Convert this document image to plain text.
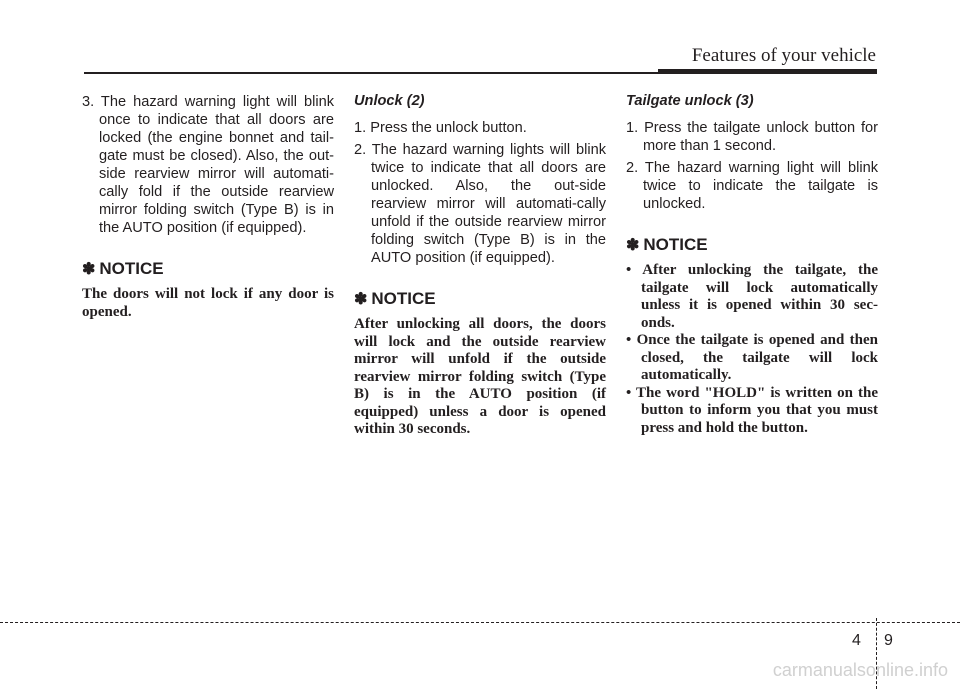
Features of your vehicle

3. The hazard warning light will blink once to indicate that all doors are locked (the engine bonnet and tail-gate must be closed). Also, the out-side rearview mirror will automati-cally fold if the outside rearview mirror folding switch (Type B) is in the AUTO position (if equipped).

✽ NOTICE

The doors will not lock if any door is opened.

Unlock (2)

1. Press the unlock button.

2. The hazard warning lights will blink twice to indicate that all doors are unlocked. Also, the out-side rearview mirror will automati-cally unfold if the outside rearview mirror folding switch (Type B) is in the AUTO position (if equipped).

✽ NOTICE

After unlocking all doors, the doors will lock and the outside rearview mirror will unfold if the outside rearview mirror folding switch (Type B) is in the AUTO position (if equipped) unless a door is opened within 30 seconds.

Tailgate unlock (3)

1. Press the tailgate unlock button for more than 1 second.

2. The hazard warning light will blink twice to indicate the tailgate is unlocked.

✽ NOTICE

• After unlocking the tailgate, the tailgate will lock automatically unless it is opened within 30 sec-onds.

• Once the tailgate is opened and then closed, the tailgate will lock automatically.

• The word "HOLD" is written on the button to inform you that you must press and hold the button.

4 9
carmanualsonline.info
